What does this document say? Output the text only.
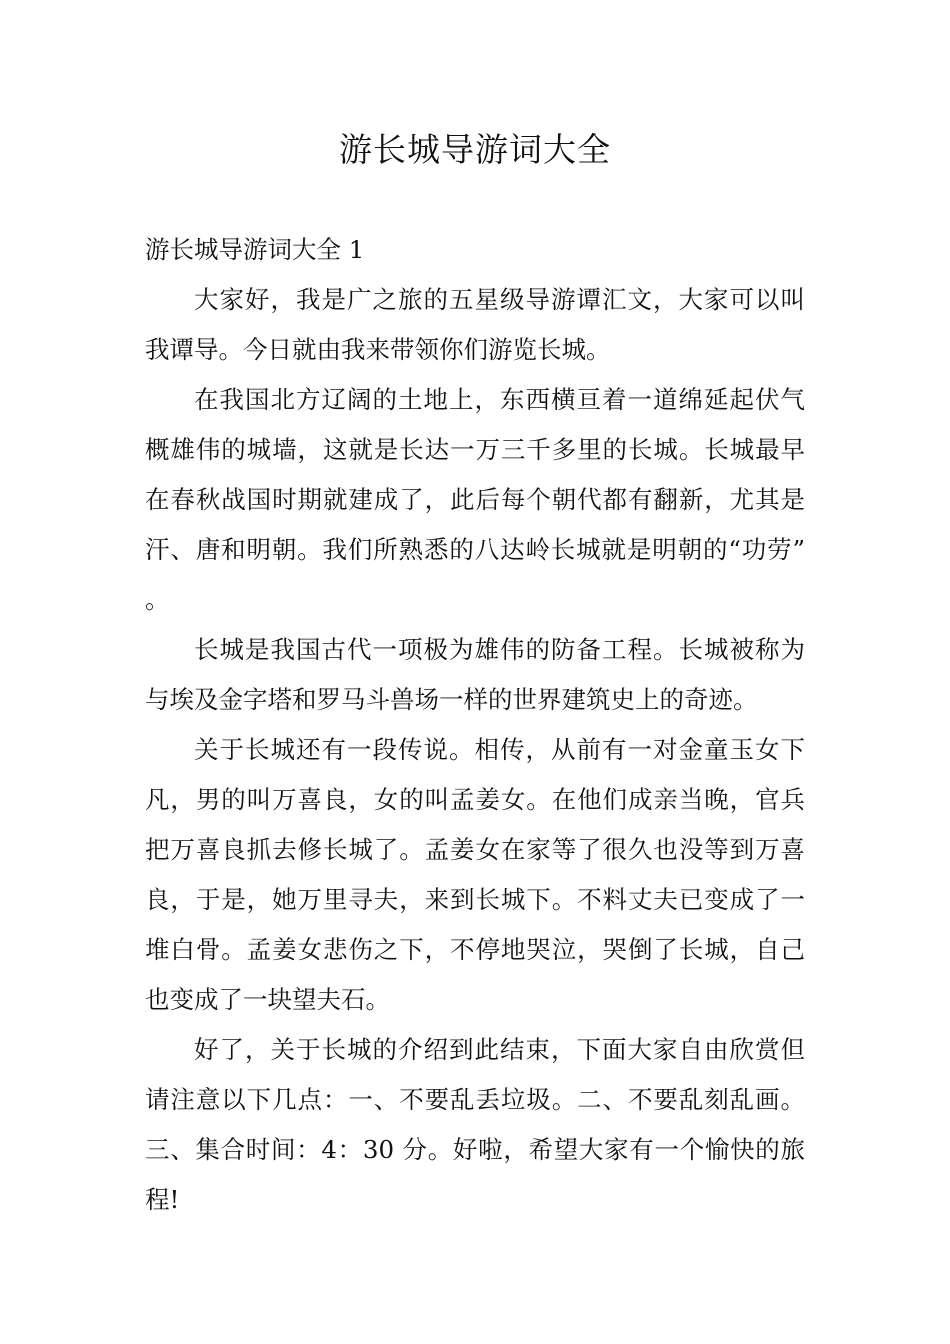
游长城导游词大全

游长城导游词大全 1

大家好，我是广之旅的五星级导游谭汇文，大家可以叫我谭导。今日就由我来带领你们游览长城。

在我国北方辽阔的土地上，东西横亘着一道绵延起伏气概雄伟的城墙，这就是长达一万三千多里的长城。长城最早在春秋战国时期就建成了，此后每个朝代都有翻新，尤其是汗、唐和明朝。我们所熟悉的八达岭长城就是明朝的“功劳”。

长城是我国古代一项极为雄伟的防备工程。长城被称为与埃及金字塔和罗马斗兽场一样的世界建筑史上的奇迹。

关于长城还有一段传说。相传，从前有一对金童玉女下凡，男的叫万喜良，女的叫孟姜女。在他们成亲当晚，官兵把万喜良抓去修长城了。孟姜女在家等了很久也没等到万喜良，于是，她万里寻夫，来到长城下。不料丈夫已变成了一堆白骨。孟姜女悲伤之下，不停地哭泣，哭倒了长城，自己也变成了一块望夫石。

好了，关于长城的介绍到此结束，下面大家自由欣赏但请注意以下几点：一、不要乱丢垃圾。二、不要乱刻乱画。三、集合时间：4：30 分。好啦，希望大家有一个愉快的旅程!
